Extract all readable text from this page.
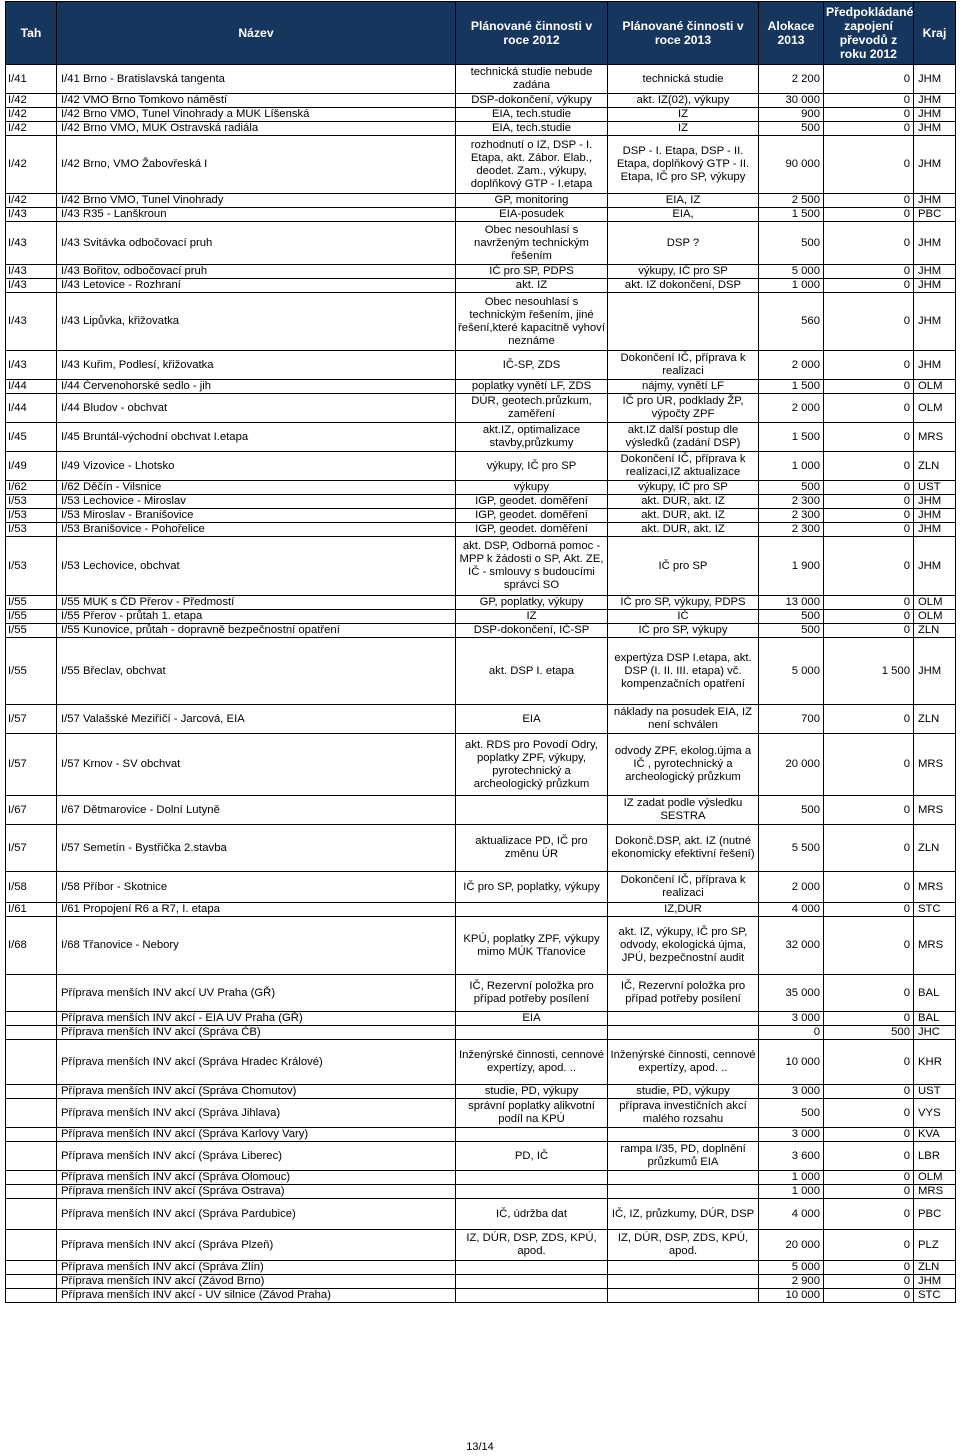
Tah	Název	Plánované činnosti v roce 2012	Plánované činnosti v roce 2013	Alokace 2013	Předpokládané zapojení převodů z roku 2012	Kraj
I/41	I/41 Brno - Bratislavská tangenta	technická studie nebude zadána	technická studie	2 200	0	JHM
I/42	I/42 VMO Brno Tomkovo náměstí	DSP-dokončení, výkupy	akt. IZ(02), výkupy	30 000	0	JHM
I/42	I/42 Brno VMO, Tunel Vinohrady a MÚK Líšenská	EIA, tech.studie	IZ	900	0	JHM
I/42	I/42 Brno VMO, MÚK Ostravská radiála	EIA, tech.studie	IZ	500	0	JHM
I/42	I/42 Brno, VMO Žabovřeská I	rozhodnutí o IZ, DSP - I. Etapa, akt. Zábor. Elab., deodet. Zam., výkupy, doplňkový GTP - I.etapa	DSP - I. Etapa, DSP - II. Etapa, doplňkový GTP - II. Etapa, IČ pro SP, výkupy	90 000	0	JHM
I/42	I/42 Brno VMO, Tunel Vinohrady	GP, monitoring	EIA, IZ	2 500	0	JHM
I/43	I/43 R35 - Lanškroun	EIA-posudek	EIA,	1 500	0	PBC
I/43	I/43 Svitávka odbočovací pruh	Obec nesouhlasí s navrženým technickým řešením	DSP ?	500	0	JHM
I/43	I/43 Bořitov, odbočovací pruh	IČ pro SP, PDPS	výkupy, IČ pro SP	5 000	0	JHM
I/43	I/43 Letovice - Rozhraní	akt. IZ	akt. IZ dokončení, DSP	1 000	0	JHM
I/43	I/43 Lipůvka, křižovatka	Obec nesouhlasí s technickým řešením, jiné řešení,které kapacitně vyhoví neznáme		560	0	JHM
I/43	I/43 Kuřim, Podlesí, křižovatka	IČ-SP, ZDS	Dokončení IČ, příprava k realizaci	2 000	0	JHM
I/44	I/44 Červenohorské sedlo - jih	poplatky vynětí LF, ZDS	nájmy, vynětí LF	1 500	0	OLM
I/44	I/44 Bludov - obchvat	DÚR, geotech.průzkum, zaměření	IČ pro ÚR, podklady ŽP, výpočty ZPF	2 000	0	OLM
I/45	I/45 Bruntál-východní obchvat I.etapa	akt.IZ, optimalizace stavby,průzkumy	akt.IZ další postup dle výsledků (zadání DSP)	1 500	0	MRS
I/49	I/49 Vizovice - Lhotsko	výkupy, IČ pro SP	Dokončení IČ, příprava k realizaci,IZ aktualizace	1 000	0	ZLN
I/62	I/62 Děčín - Vilsnice	výkupy	výkupy, IČ pro SP	500	0	UST
I/53	I/53 Lechovice - Miroslav	IGP, geodet. doměření	akt. DÚR, akt. IZ	2 300	0	JHM
I/53	I/53 Miroslav - Branišovice	IGP, geodet. doměření	akt. DÚR, akt. IZ	2 300	0	JHM
I/53	I/53 Branišovice - Pohořelice	IGP, geodet. doměření	akt. DÚR, akt. IZ	2 300	0	JHM
I/53	I/53 Lechovice, obchvat	akt. DSP, Odborná pomoc - MPP k žádosti o SP, Akt. ZE, IČ - smlouvy s budoucími správci SO	IČ pro SP	1 900	0	JHM
I/55	I/55 MÚK s ČD Přerov - Předmostí	GP, poplatky, výkupy	IČ pro SP, výkupy, PDPS	13 000	0	OLM
I/55	I/55 Přerov - průtah 1. etapa	IZ	IČ	500	0	OLM
I/55	I/55 Kunovice, průtah - dopravně bezpečnostní opatření	DSP-dokončení, IČ-SP	IČ pro SP, výkupy	500	0	ZLN
I/55	I/55 Břeclav, obchvat	akt. DSP I. etapa	expertýza DSP I.etapa, akt. DSP (I. II. III. etapa) vč. kompenzačních opatření	5 000	1 500	JHM
I/57	I/57 Valašské Meziříčí - Jarcová, EIA	EIA	náklady na posudek EIA, IZ není schválen	700	0	ZLN
I/57	I/57 Krnov - SV obchvat	akt. RDS pro Povodí Odry, poplatky ZPF, výkupy, pyrotechnický a archeologický průzkum	odvody ZPF, ekolog.újma a IČ , pyrotechnický a archeologický průzkum	20 000	0	MRS
I/67	I/67 Dětmarovice - Dolní Lutyně		IZ zadat podle výsledku SESTRA	500	0	MRS
I/57	I/57 Semetín - Bystřička 2.stavba	aktualizace PD, IČ pro změnu ÚR	Dokonč.DSP, akt. IZ (nutné ekonomicky efektivní řešení)	5 500	0	ZLN
I/58	I/58 Příbor - Skotnice	IČ pro SP, poplatky, výkupy	Dokončení IČ, příprava k realizaci	2 000	0	MRS
I/61	I/61 Propojení R6 a R7, I. etapa		IZ,DÚR	4 000	0	STC
I/68	I/68 Třanovice - Nebory	KPÚ, poplatky ZPF, výkupy mimo MÚK Třanovice	akt. IZ, výkupy, IČ pro SP, odvody, ekologická újma, JPÚ, bezpečnostní audit	32 000	0	MRS
	Příprava menších INV akcí UV Praha (GŘ)	IČ, Rezervní položka pro případ potřeby posílení	IČ, Rezervní položka pro případ potřeby posílení	35 000	0	BAL
	Příprava menších INV akcí - EIA UV Praha (GŘ)	EIA		3 000	0	BAL
	Příprava menších INV akcí (Správa ČB)			0	500	JHC
	Příprava menších INV akcí (Správa Hradec Králové)	Inženýrské činnosti, cennové expertízy, apod. ..	Inženýrské činnosti, cennové expertízy, apod. ..	10 000	0	KHR
	Příprava menších INV akcí (Správa Chomutov)	studie, PD, výkupy	studie, PD, výkupy	3 000	0	UST
	Příprava menších INV akcí (Správa Jihlava)	správní poplatky alikvotní podíl na KPÚ	příprava investičních akcí malého rozsahu	500	0	VYS
	Příprava menších INV akcí (Správa Karlovy Vary)			3 000	0	KVA
	Příprava menších INV akcí (Správa Liberec)	PD, IČ	rampa I/35, PD, doplnění průzkumů EIA	3 600	0	LBR
	Příprava menších INV akcí (Správa Olomouc)			1 000	0	OLM
	Příprava menších INV akcí (Správa Ostrava)			1 000	0	MRS
	Příprava menších INV akcí (Správa Pardubice)	IČ, údržba dat	IČ, IZ, průzkumy, DÚR, DSP	4 000	0	PBC
	Příprava menších INV akcí (Správa Plzeň)	IZ, DÚR, DSP, ZDS, KPÚ, apod.	IZ, DÚR, DSP, ZDS, KPÚ, apod.	20 000	0	PLZ
	Příprava menších INV akcí (Správa Zlín)			5 000	0	ZLN
	Příprava menších INV akcí (Závod Brno)			2 900	0	JHM
	Příprava menších INV akcí - UV silnice (Závod Praha)			10 000	0	STC
13/14
